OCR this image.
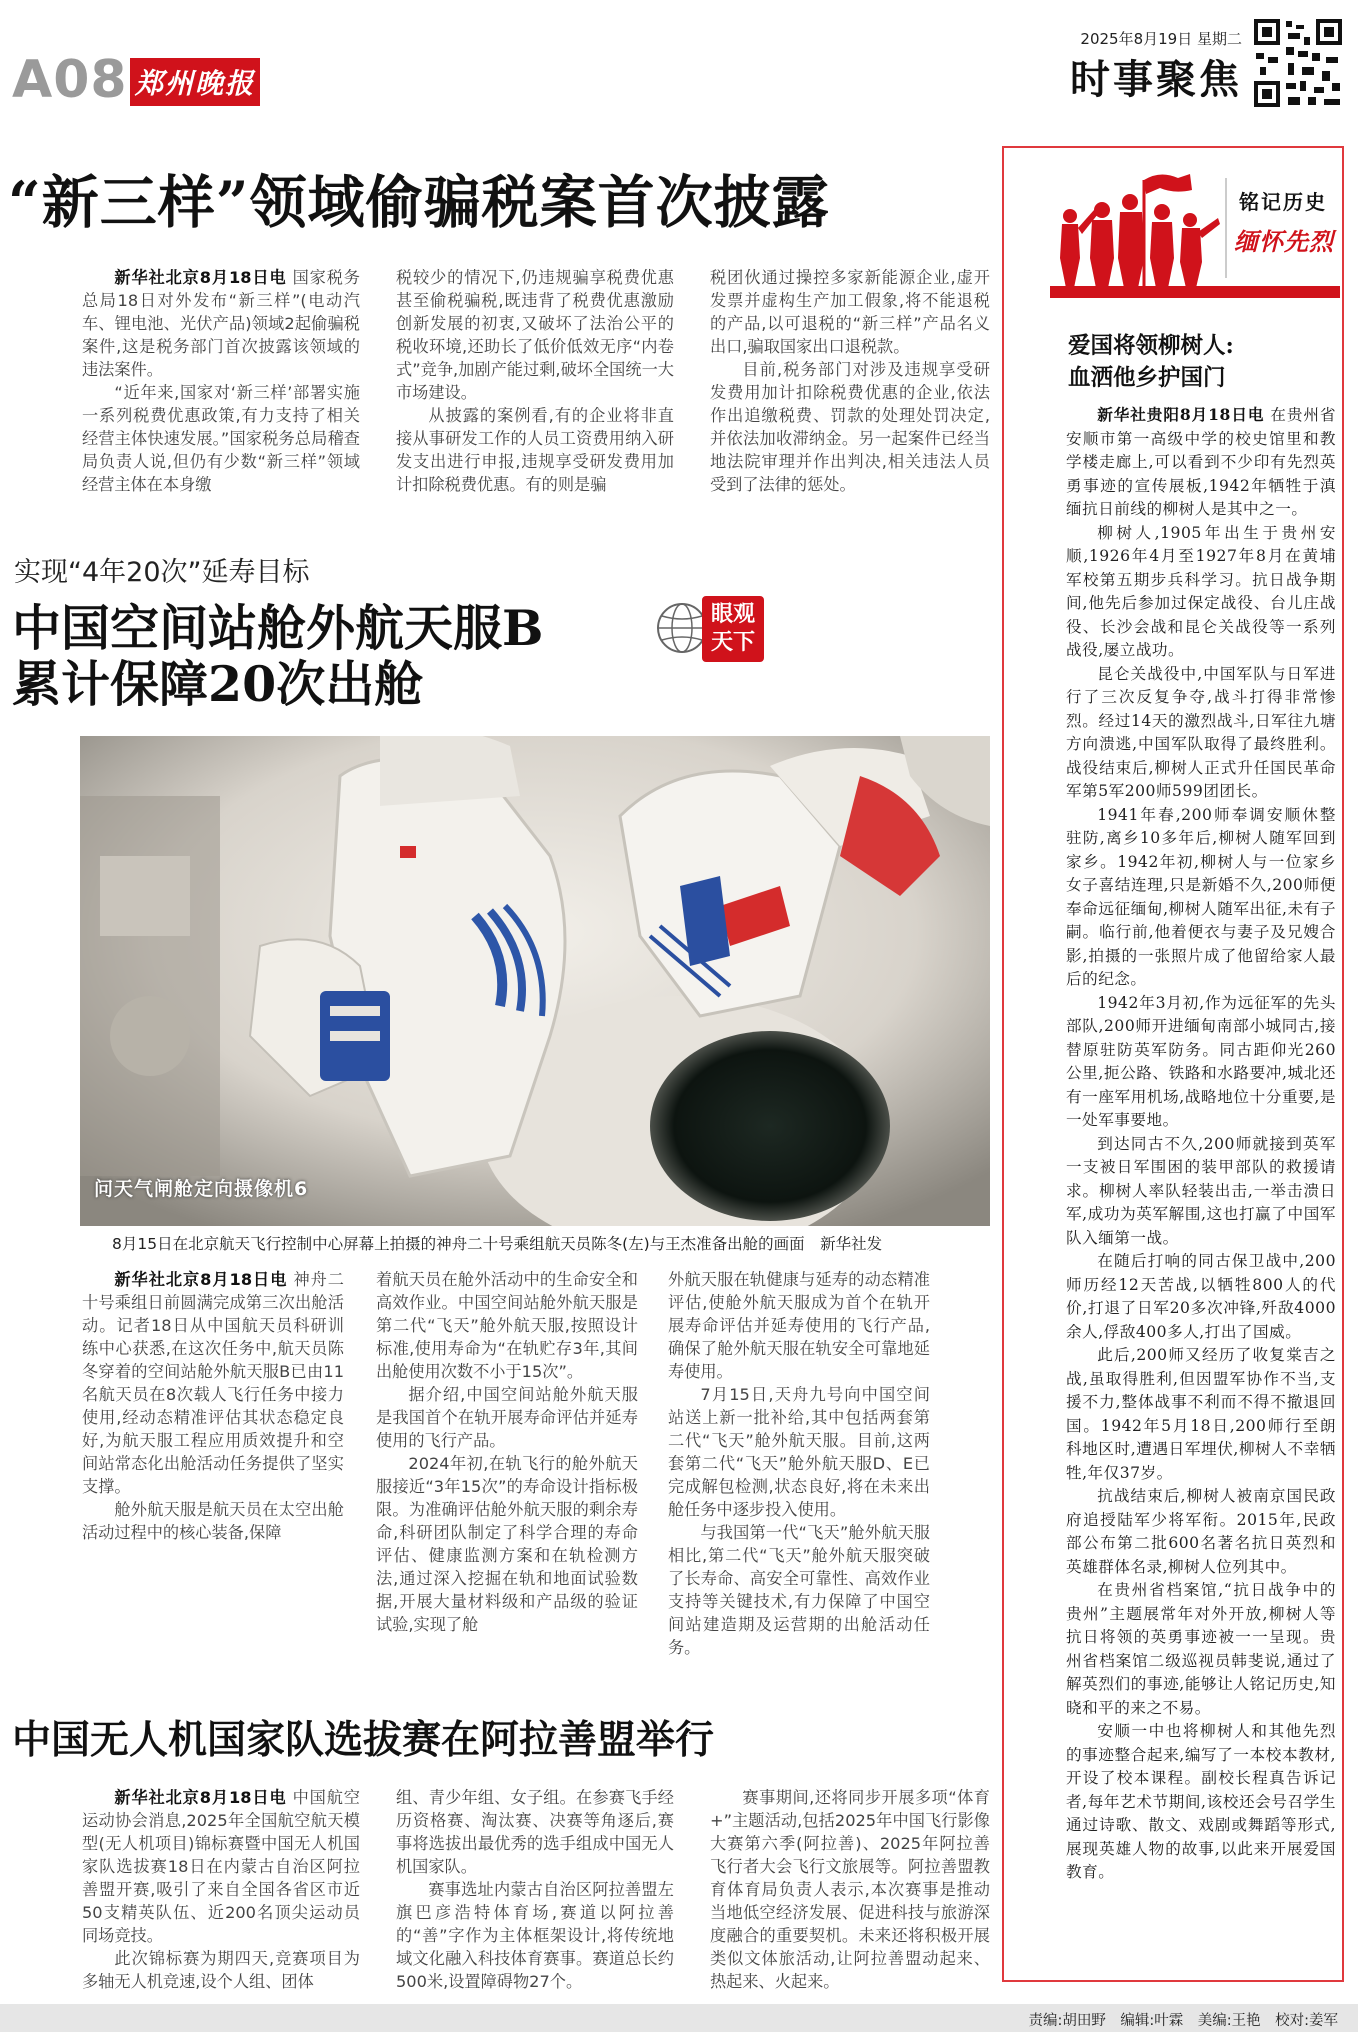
A08 郑州晚报
2025年8月19日 星期二
时事聚焦
“新三样”领域偷骗税案首次披露

新华社北京8月18日电 国家税务总局18日对外发布“新三样”(电动汽车、锂电池、光伏产品)领域2起偷骗税案件,这是税务部门首次披露该领域的违法案件。

“近年来,国家对‘新三样’部署实施一系列税费优惠政策,有力支持了相关经营主体快速发展。”国家税务总局稽查局负责人说,但仍有少数“新三样”领域经营主体在本身缴

税较少的情况下,仍违规骗享税费优惠甚至偷税骗税,既违背了税费优惠激励创新发展的初衷,又破坏了法治公平的税收环境,还助长了低价低效无序“内卷式”竞争,加剧产能过剩,破坏全国统一大市场建设。

从披露的案例看,有的企业将非直接从事研发工作的人员工资费用纳入研发支出进行申报,违规享受研发费用加计扣除税费优惠。有的则是骗

税团伙通过操控多家新能源企业,虚开发票并虚构生产加工假象,将不能退税的产品,以可退税的“新三样”产品名义出口,骗取国家出口退税款。

目前,税务部门对涉及违规享受研发费用加计扣除税费优惠的企业,依法作出追缴税费、罚款的处理处罚决定,并依法加收滞纳金。另一起案件已经当地法院审理并作出判决,相关违法人员受到了法律的惩处。

实现“4年20次”延寿目标
中国空间站舱外航天服B
累计保障20次出舱
眼观
天下
问天气闸舱定向摄像机6
8月15日在北京航天飞行控制中心屏幕上拍摄的神舟二十号乘组航天员陈冬(左)与王杰准备出舱的画面　新华社发

新华社北京8月18日电 神舟二十号乘组日前圆满完成第三次出舱活动。记者18日从中国航天员科研训练中心获悉,在这次任务中,航天员陈冬穿着的空间站舱外航天服B已由11名航天员在8次载人飞行任务中接力使用,经动态精准评估其状态稳定良好,为航天服工程应用质效提升和空间站常态化出舱活动任务提供了坚实支撑。

舱外航天服是航天员在太空出舱活动过程中的核心装备,保障

着航天员在舱外活动中的生命安全和高效作业。中国空间站舱外航天服是第二代“飞天”舱外航天服,按照设计标准,使用寿命为“在轨贮存3年,其间出舱使用次数不小于15次”。

据介绍,中国空间站舱外航天服是我国首个在轨开展寿命评估并延寿使用的飞行产品。

2024年初,在轨飞行的舱外航天服接近“3年15次”的寿命设计指标极限。为准确评估舱外航天服的剩余寿命,科研团队制定了科学合理的寿命评估、健康监测方案和在轨检测方法,通过深入挖掘在轨和地面试验数据,开展大量材料级和产品级的验证试验,实现了舱

外航天服在轨健康与延寿的动态精准评估,使舱外航天服成为首个在轨开展寿命评估并延寿使用的飞行产品,确保了舱外航天服在轨安全可靠地延寿使用。

7月15日,天舟九号向中国空间站送上新一批补给,其中包括两套第二代“飞天”舱外航天服。目前,这两套第二代“飞天”舱外航天服D、E已完成解包检测,状态良好,将在未来出舱任务中逐步投入使用。

与我国第一代“飞天”舱外航天服相比,第二代“飞天”舱外航天服突破了长寿命、高安全可靠性、高效作业支持等关键技术,有力保障了中国空间站建造期及运营期的出舱活动任务。

中国无人机国家队选拔赛在阿拉善盟举行

新华社北京8月18日电 中国航空运动协会消息,2025年全国航空航天模型(无人机项目)锦标赛暨中国无人机国家队选拔赛18日在内蒙古自治区阿拉善盟开赛,吸引了来自全国各省区市近50支精英队伍、近200名顶尖运动员同场竞技。

此次锦标赛为期四天,竞赛项目为多轴无人机竞速,设个人组、团体

组、青少年组、女子组。在参赛飞手经历资格赛、淘汰赛、决赛等角逐后,赛事将选拔出最优秀的选手组成中国无人机国家队。

赛事选址内蒙古自治区阿拉善盟左旗巴彦浩特体育场,赛道以阿拉善的“善”字作为主体框架设计,将传统地域文化融入科技体育赛事。赛道总长约500米,设置障碍物27个。

赛事期间,还将同步开展多项“体育+”主题活动,包括2025年中国飞行影像大赛第六季(阿拉善)、2025年阿拉善飞行者大会飞行文旅展等。阿拉善盟教育体育局负责人表示,本次赛事是推动当地低空经济发展、促进科技与旅游深度融合的重要契机。未来还将积极开展类似文体旅活动,让阿拉善盟动起来、热起来、火起来。

铭记历史
缅怀先烈
爱国将领柳树人:
血洒他乡护国门

新华社贵阳8月18日电 在贵州省安顺市第一高级中学的校史馆里和教学楼走廊上,可以看到不少印有先烈英勇事迹的宣传展板,1942年牺牲于滇缅抗日前线的柳树人是其中之一。

柳树人,1905年出生于贵州安顺,1926年4月至1927年8月在黄埔军校第五期步兵科学习。抗日战争期间,他先后参加过保定战役、台儿庄战役、长沙会战和昆仑关战役等一系列战役,屡立战功。

昆仑关战役中,中国军队与日军进行了三次反复争夺,战斗打得非常惨烈。经过14天的激烈战斗,日军往九塘方向溃逃,中国军队取得了最终胜利。战役结束后,柳树人正式升任国民革命军第5军200师599团团长。

1941年春,200师奉调安顺休整驻防,离乡10多年后,柳树人随军回到家乡。1942年初,柳树人与一位家乡女子喜结连理,只是新婚不久,200师便奉命远征缅甸,柳树人随军出征,未有子嗣。临行前,他着便衣与妻子及兄嫂合影,拍摄的一张照片成了他留给家人最后的纪念。

1942年3月初,作为远征军的先头部队,200师开进缅甸南部小城同古,接替原驻防英军防务。同古距仰光260公里,扼公路、铁路和水路要冲,城北还有一座军用机场,战略地位十分重要,是一处军事要地。

到达同古不久,200师就接到英军一支被日军围困的装甲部队的救援请求。柳树人率队轻装出击,一举击溃日军,成功为英军解围,这也打赢了中国军队入缅第一战。

在随后打响的同古保卫战中,200师历经12天苦战,以牺牲800人的代价,打退了日军20多次冲锋,歼敌4000余人,俘敌400多人,打出了国威。

此后,200师又经历了收复棠吉之战,虽取得胜利,但因盟军协作不当,支援不力,整体战事不利而不得不撤退回国。1942年5月18日,200师行至朗科地区时,遭遇日军埋伏,柳树人不幸牺牲,年仅37岁。

抗战结束后,柳树人被南京国民政府追授陆军少将军衔。2015年,民政部公布第二批600名著名抗日英烈和英雄群体名录,柳树人位列其中。

在贵州省档案馆,“抗日战争中的贵州”主题展常年对外开放,柳树人等抗日将领的英勇事迹被一一呈现。贵州省档案馆二级巡视员韩斐说,通过了解英烈们的事迹,能够让人铭记历史,知晓和平的来之不易。

安顺一中也将柳树人和其他先烈的事迹整合起来,编写了一本校本教材,开设了校本课程。副校长程真告诉记者,每年艺术节期间,该校还会号召学生通过诗歌、散文、戏剧或舞蹈等形式,展现英雄人物的故事,以此来开展爱国教育。

责编:胡田野　编辑:叶霖　美编:王艳　校对:姜军
